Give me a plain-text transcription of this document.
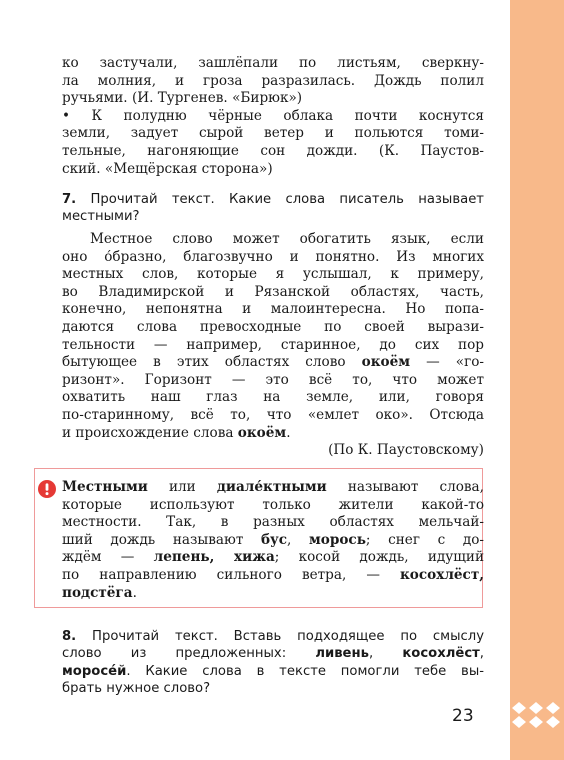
ко застучали, зашлёпали по листьям, сверкну-
ла молния, и гроза разразилась. Дождь полил
ручьями. (И. Тургенев. «Бирюк»)
• К полудню чёрные облака почти коснутся
земли, задует сырой ветер и польются томи-
тельные, нагоняющие сон дожди. (К. Паустов-
ский. «Мещёрская сторона»)
7. Прочитай текст. Какие слова писатель называет
местными?
Местное слово может обогатить язык, если
оно о́бразно, благозвучно и понятно. Из многих
местных слов, которые я услышал, к примеру,
во Владимирской и Рязанской областях, часть,
конечно, непонятна и малоинтересна. Но попа-
даются слова превосходные по своей вырази-
тельности — например, старинное, до сих пор
бытующее в этих областях слово окоём — «го-
ризонт». Горизонт — это всё то, что может
охватить наш глаз на земле, или, говоря
по-старинному, всё то, что «емлет око». Отсюда
и происхождение слова окоём.
(По К. Паустовскому)
Местными или диале́ктными называют слова,
которые используют только жители какой-то
местности. Так, в разных областях мельчай-
ший дождь называют бус, морось; снег с до-
ждём — лепень, хижа; косой дождь, идущий
по направлению сильного ветра, — косохлёст,
подстёга.
8. Прочитай текст. Вставь подходящее по смыслу
слово из предложенных: ливень, косохлёст,
моросе́й. Какие слова в тексте помогли тебе вы-
брать нужное слово?
23
